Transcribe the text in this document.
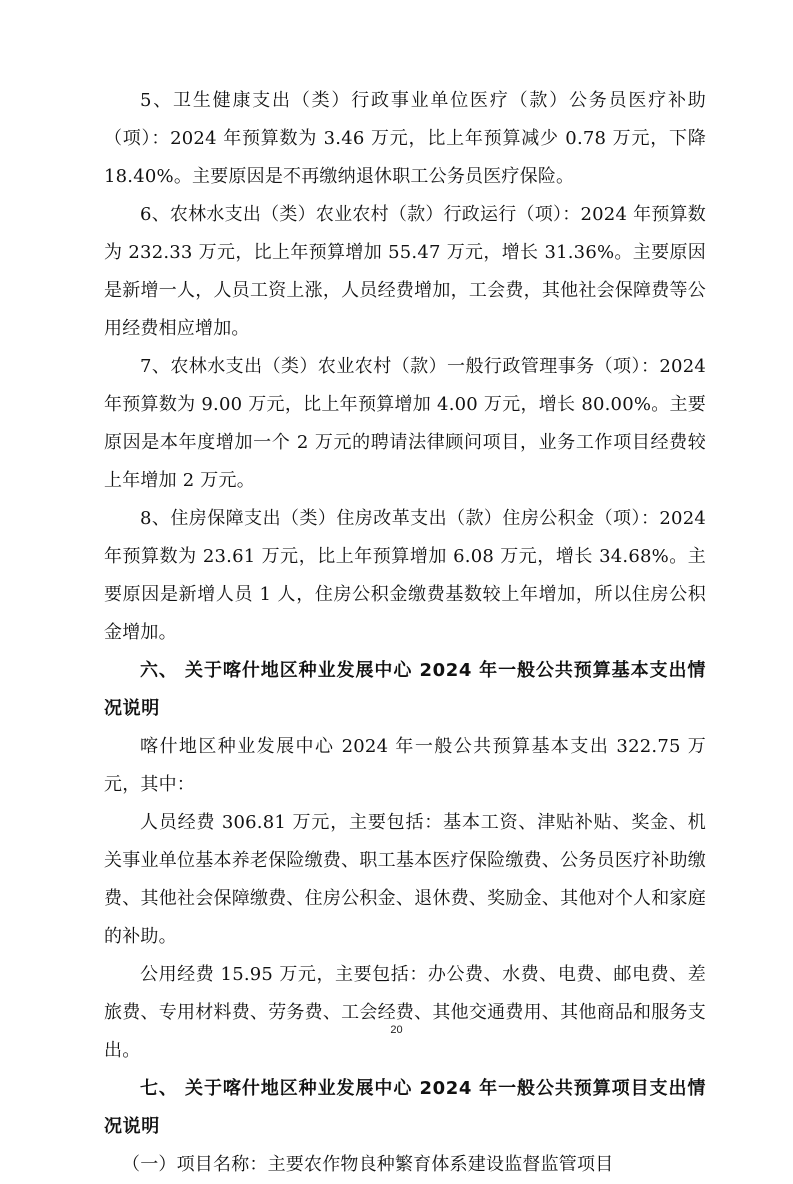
5、卫生健康支出（类）行政事业单位医疗（款）公务员医疗补助（项）：2024 年预算数为 3.46 万元，比上年预算减少 0.78 万元，下降 18.40%。主要原因是不再缴纳退休职工公务员医疗保险。

6、农林水支出（类）农业农村（款）行政运行（项）：2024 年预算数为 232.33 万元，比上年预算增加 55.47 万元，增长 31.36%。主要原因是新增一人，人员工资上涨，人员经费增加，工会费，其他社会保障费等公用经费相应增加。

7、农林水支出（类）农业农村（款）一般行政管理事务（项）：2024 年预算数为 9.00 万元，比上年预算增加 4.00 万元，增长 80.00%。主要原因是本年度增加一个 2 万元的聘请法律顾问项目，业务工作项目经费较上年增加 2 万元。

8、住房保障支出（类）住房改革支出（款）住房公积金（项）：2024 年预算数为 23.61 万元，比上年预算增加 6.08 万元，增长 34.68%。主要原因是新增人员 1 人，住房公积金缴费基数较上年增加，所以住房公积金增加。

六、 关于喀什地区种业发展中心 2024 年一般公共预算基本支出情况说明

喀什地区种业发展中心 2024 年一般公共预算基本支出 322.75 万元，其中：

人员经费 306.81 万元，主要包括：基本工资、津贴补贴、奖金、机关事业单位基本养老保险缴费、职工基本医疗保险缴费、公务员医疗补助缴费、其他社会保障缴费、住房公积金、退休费、奖励金、其他对个人和家庭的补助。

公用经费 15.95 万元，主要包括：办公费、水费、电费、邮电费、差旅费、专用材料费、劳务费、工会经费、其他交通费用、其他商品和服务支出。

七、 关于喀什地区种业发展中心 2024 年一般公共预算项目支出情况说明

（一）项目名称：主要农作物良种繁育体系建设监督监管项目

20
